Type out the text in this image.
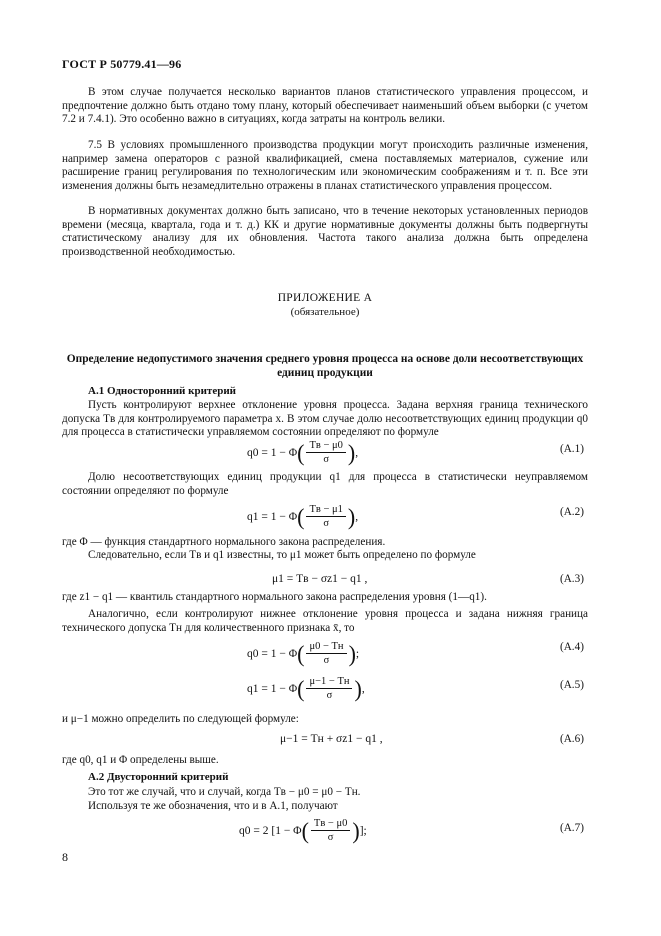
ГОСТ Р 50779.41—96

В этом случае получается несколько вариантов планов статистического управления процессом, и предпочтение должно быть отдано тому плану, который обеспечивает наименьший объем выборки (с учетом 7.2 и 7.4.1). Это особенно важно в ситуациях, когда затраты на контроль велики.

7.5 В условиях промышленного производства продукции могут происходить различные изменения, например замена операторов с разной квалификацией, смена поставляемых материалов, сужение или расширение границ регулирования по технологическим или экономическим соображениям и т. п. Все эти изменения должны быть незамедлительно отражены в планах статистического управления процессом.

В нормативных документах должно быть записано, что в течение некоторых установленных периодов времени (месяца, квартала, года и т. д.) КК и другие нормативные документы должны быть подвергнуты статистическому анализу для их обновления. Частота такого анализа должна быть определена производственной необходимостью.

ПРИЛОЖЕНИЕ А
(обязательное)
Определение недопустимого значения среднего уровня процесса на основе доли несоответствующих единиц продукции
А.1 Односторонний критерий

Пусть контролируют верхнее отклонение уровня процесса. Задана верхняя граница технического допуска Tв для контролируемого параметра x. В этом случае долю несоответствующих единиц продукции q0 для процесса в статистически управляемом состоянии определяют по формуле

q0 = 1 − Φ ( $\frac{Tв - \mu 0}{\sigma}$ ) ,	(А.1)

Долю несоответствующих единиц продукции q1 для процесса в статистически неуправляемом состоянии определяют по формуле

q1 = 1 − Φ ( $\frac{Tв - \mu 1}{\sigma}$ ) ,	(А.2)

где Φ — функция стандартного нормального закона распределения.

Следовательно, если Tв и q1 известны, то μ1 может быть определено по формуле

μ1 = Tв − σz1 − q1 ,	(А.3)

где z1 − q1 — квантиль стандартного нормального закона распределения уровня (1—q1).

Аналогично, если контролируют нижнее отклонение уровня процесса и задана нижняя граница технического допуска Tн для количественного признака x̄, то

q0 = 1 − Φ ( $\frac{\mu 0 - Tн}{\sigma}$ ) ;
(А.4)
q1 = 1 − Φ ( $\frac{\mu-1 - Tн}{\sigma}$ ) ,	(А.5)

и μ−1 можно определить по следующей формуле:

μ−1 = Tн + σz1 − q1 ,	(А.6)

где q0, q1 и Φ определены выше.

А.2 Двусторонний критерий

Это тот же случай, что и случай, когда Tв − μ0 = μ0 − Tн.

Используя те же обозначения, что и в А.1, получают

q0 = 2 [1 − Φ ( $\frac{Tв - \mu 0}{\sigma}$ ) ];	(А.7)
8
